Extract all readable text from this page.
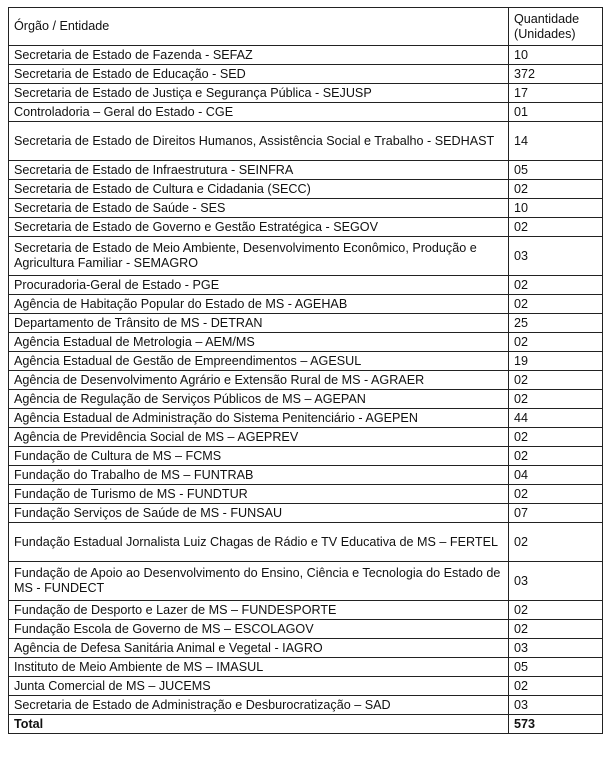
Órgão / Entidade	Quantidade (Unidades)
Secretaria de Estado de Fazenda - SEFAZ	10
Secretaria de Estado de Educação - SED	372
Secretaria de Estado de Justiça e Segurança Pública - SEJUSP	17
Controladoria – Geral do Estado - CGE	01
Secretaria de Estado de Direitos Humanos, Assistência Social e Trabalho - SEDHAST	14
Secretaria de Estado de Infraestrutura - SEINFRA	05
Secretaria de Estado de Cultura e Cidadania (SECC)	02
Secretaria de Estado de Saúde - SES	10
Secretaria de Estado de Governo e Gestão Estratégica - SEGOV	02
Secretaria de Estado de Meio Ambiente, Desenvolvimento Econômico, Produção e Agricultura Familiar - SEMAGRO	03
Procuradoria-Geral de Estado - PGE	02
Agência de Habitação Popular do Estado de MS - AGEHAB	02
Departamento de Trânsito de MS - DETRAN	25
Agência Estadual de Metrologia – AEM/MS	02
Agência Estadual de Gestão de Empreendimentos – AGESUL	19
Agência de Desenvolvimento Agrário e Extensão Rural de MS - AGRAER	02
Agência de Regulação de Serviços Públicos de MS – AGEPAN	02
Agência Estadual de Administração do Sistema Penitenciário - AGEPEN	44
Agência de Previdência Social de MS – AGEPREV	02
Fundação de Cultura de MS – FCMS	02
Fundação do Trabalho de MS – FUNTRAB	04
Fundação de Turismo de MS - FUNDTUR	02
Fundação Serviços de Saúde de MS - FUNSAU	07
Fundação Estadual Jornalista Luiz Chagas de Rádio e TV Educativa de MS – FERTEL	02
Fundação de Apoio ao Desenvolvimento do Ensino, Ciência e Tecnologia do Estado de MS - FUNDECT	03
Fundação de Desporto e Lazer de MS – FUNDESPORTE	02
Fundação Escola de Governo de MS – ESCOLAGOV	02
Agência de Defesa Sanitária Animal e Vegetal - IAGRO	03
Instituto de Meio Ambiente de MS – IMASUL	05
Junta Comercial de MS – JUCEMS	02
Secretaria de Estado de Administração e Desburocratização – SAD	03
Total	573
